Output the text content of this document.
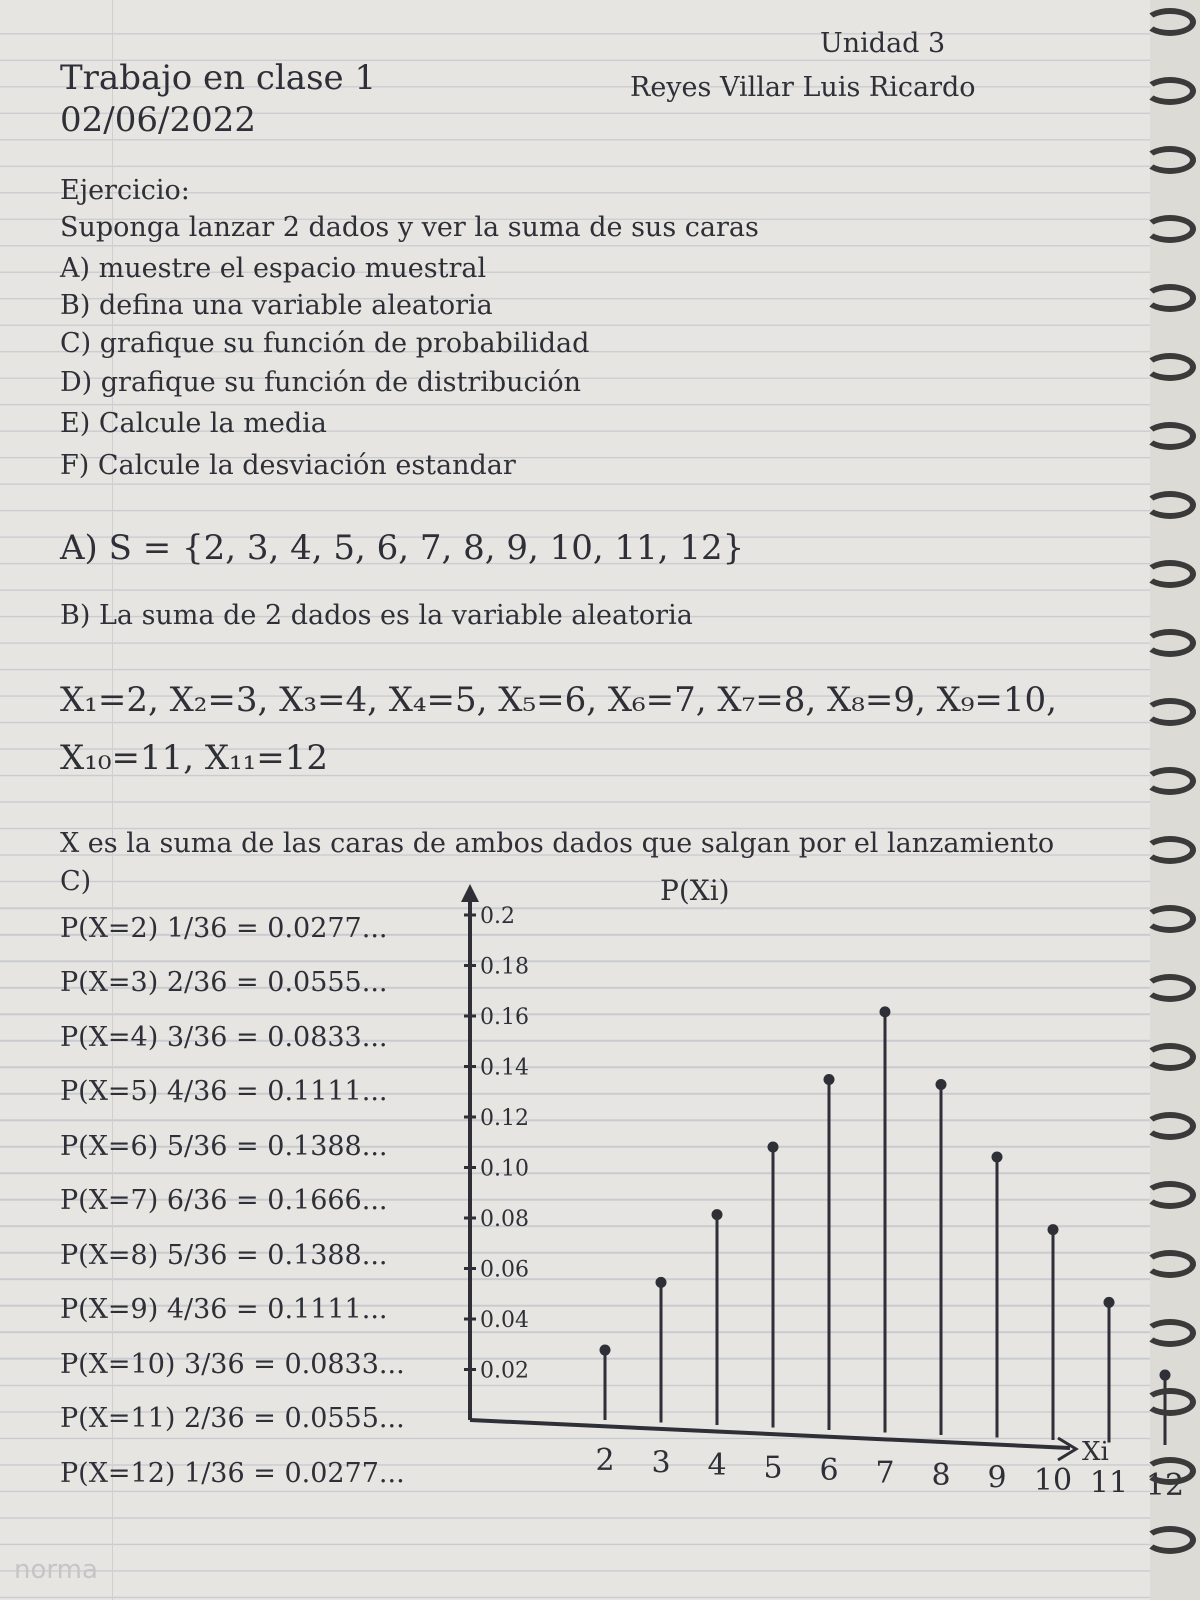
Trabajo en clase 1
02/06/2022
Unidad 3
Reyes Villar Luis Ricardo
Ejercicio:
Suponga lanzar 2 dados y ver la suma de sus caras
A) muestre el espacio muestral
B) defina una variable aleatoria
C) grafique su función de probabilidad
D) grafique su función de distribución
E) Calcule la media
F) Calcule la desviación estandar
A) S = {2, 3, 4, 5, 6, 7, 8, 9, 10, 11, 12}
B) La suma de 2 dados es la variable aleatoria
X₁=2, X₂=3, X₃=4, X₄=5, X₅=6, X₆=7, X₇=8, X₈=9, X₉=10,
X₁₀=11, X₁₁=12
X es la suma de las caras de ambos dados que salgan por el lanzamiento
C)
P(X=2) 1/36 = 0.0277...
P(X=3) 2/36 = 0.0555...
P(X=4) 3/36 = 0.0833...
P(X=5) 4/36 = 0.1111...
P(X=6) 5/36 = 0.1388...
P(X=7) 6/36 = 0.1666...
P(X=8) 5/36 = 0.1388...
P(X=9) 4/36 = 0.1111...
P(X=10) 3/36 = 0.0833...
P(X=11) 2/36 = 0.0555...
P(X=12) 1/36 = 0.0277...
P(Xi)
Xi
0.2
0.18
0.16
0.14
0.12
0.10
0.08
0.06
0.04
0.02
2 3 4 5 6 7 8 9 10 11 12
norma
